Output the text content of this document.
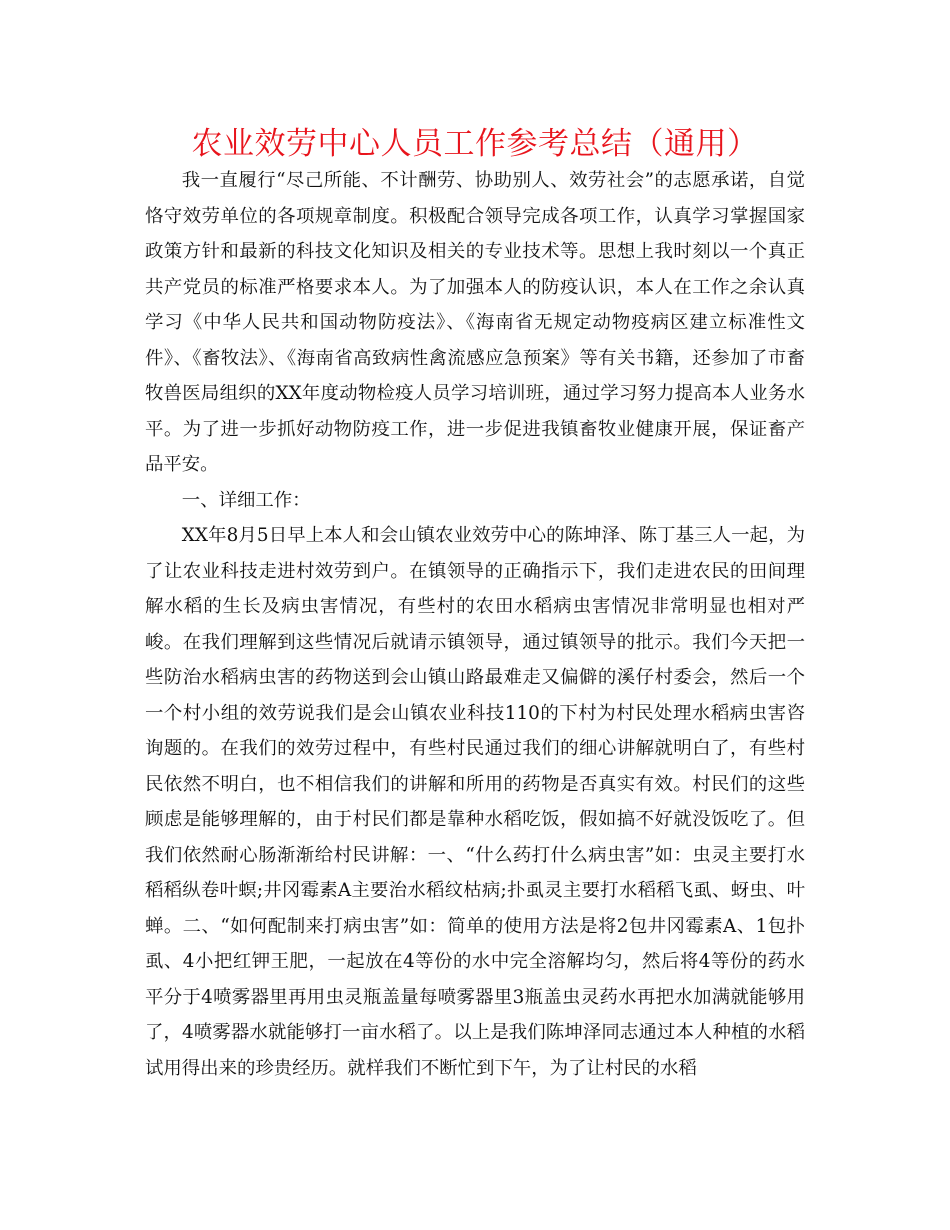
农业效劳中心人员工作参考总结（通用）

我一直履行“尽己所能、不计酬劳、协助别人、效劳社会”的志愿承诺，自觉恪守效劳单位的各项规章制度。积极配合领导完成各项工作，认真学习掌握国家政策方针和最新的科技文化知识及相关的专业技术等。思想上我时刻以一个真正共产党员的标准严格要求本人。为了加强本人的防疫认识，本人在工作之余认真学习《中华人民共和国动物防疫法》、《海南省无规定动物疫病区建立标准性文件》、《畜牧法》、《海南省高致病性禽流感应急预案》等有关书籍，还参加了市畜牧兽医局组织的XX年度动物检疫人员学习培训班，通过学习努力提高本人业务水平。为了进一步抓好动物防疫工作，进一步促进我镇畜牧业健康开展，保证畜产品平安。

一、详细工作：

XX年8月5日早上本人和会山镇农业效劳中心的陈坤泽、陈丁基三人一起，为了让农业科技走进村效劳到户。在镇领导的正确指示下，我们走进农民的田间理解水稻的生长及病虫害情况，有些村的农田水稻病虫害情况非常明显也相对严峻。在我们理解到这些情况后就请示镇领导，通过镇领导的批示。我们今天把一些防治水稻病虫害的药物送到会山镇山路最难走又偏僻的溪仔村委会，然后一个一个村小组的效劳说我们是会山镇农业科技110的下村为村民处理水稻病虫害咨询题的。在我们的效劳过程中，有些村民通过我们的细心讲解就明白了，有些村民依然不明白，也不相信我们的讲解和所用的药物是否真实有效。村民们的这些顾虑是能够理解的，由于村民们都是靠种水稻吃饭，假如搞不好就没饭吃了。但我们依然耐心肠渐渐给村民讲解：一、“什么药打什么病虫害”如：虫灵主要打水稻稻纵卷叶螟;井冈霉素A主要治水稻纹枯病;扑虱灵主要打水稻稻飞虱、蚜虫、叶蝉。二、“如何配制来打病虫害”如：简单的使用方法是将2包井冈霉素A、1包扑虱、4小把红钾王肥，一起放在4等份的水中完全溶解均匀，然后将4等份的药水平分于4喷雾器里再用虫灵瓶盖量每喷雾器里3瓶盖虫灵药水再把水加满就能够用了，4喷雾器水就能够打一亩水稻了。以上是我们陈坤泽同志通过本人种植的水稻试用得出来的珍贵经历。就样我们不断忙到下午，为了让村民的水稻
